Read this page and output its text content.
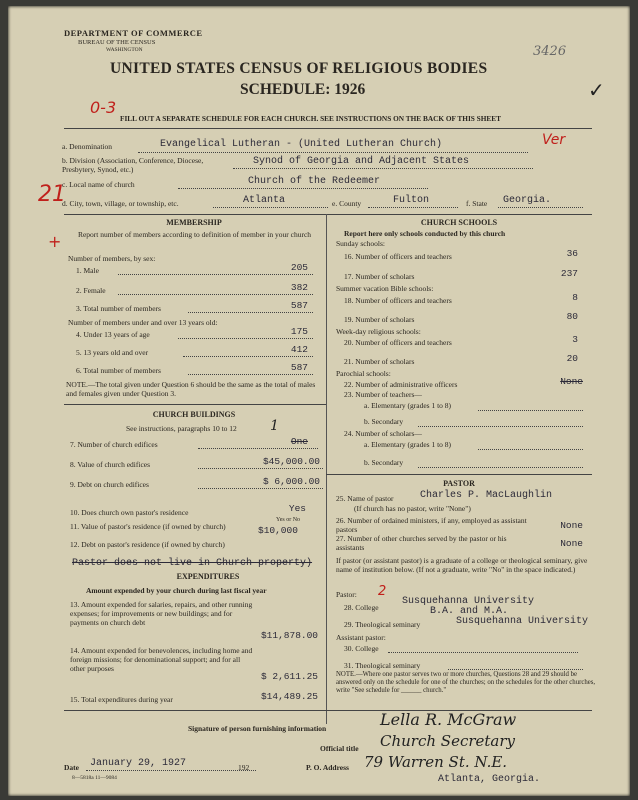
DEPARTMENT OF COMMERCE
BUREAU OF THE CENSUS
WASHINGTON	3426
UNITED STATES CENSUS OF RELIGIOUS BODIES
SCHEDULE: 1926
0-3
FILL OUT A SEPARATE SCHEDULE FOR EACH CHURCH. SEE INSTRUCTIONS ON THE BACK OF THIS SHEET
✓
a. Denomination	Evangelical Lutheran - (United Lutheran Church)	Ver
b. Division (Association, Conference, Diocese, Presbytery, Synod, etc.)
Synod of Georgia and Adjacent States
c. Local name of church	Church of the Redeemer
21
d. City, town, village, or township, etc.	Atlanta	e. County	Fulton	f. State Georgia.
MEMBERSHIP
Report number of members according to definition of member in your church
+
Number of members, by sex:
1. Male	205
2. Female	382
3. Total number of members	587
Number of members under and over 13 years old:
4. Under 13 years of age	175
5. 13 years old and over	412
6. Total number of members	587
NOTE.—The total given under Question 6 should be the same as the total of males and females given under Question 3.
CHURCH BUILDINGS
See instructions, paragraphs 10 to 12 1
7. Number of church edifices	One
8. Value of church edifices	$45,000.00
9. Debt on church edifices	$ 6,000.00
10. Does church own pastor's residence	Yes
Yes or No
11. Value of pastor's residence (if owned by church)	$10,000
12. Debt on pastor's residence (if owned by church)
Pastor does not live in Church property)
EXPENDITURES
Amount expended by your church during last fiscal year
13. Amount expended for salaries, repairs, and other running expenses; for improvements or new buildings; and for payments on church debt
$11,878.00
14. Amount expended for benevolences, including home and foreign missions; for denominational support; and for all other purposes
$ 2,611.25
15. Total expenditures during year	$14,489.25
CHURCH SCHOOLS
Report here only schools conducted by this church
Sunday schools:
16. Number of officers and teachers	36
17. Number of scholars	237
Summer vacation Bible schools:
18. Number of officers and teachers	8
19. Number of scholars	80
Week-day religious schools:
20. Number of officers and teachers	3
21. Number of scholars	20
Parochial schools:
22. Number of administrative officers	None
23. Number of teachers—
a. Elementary (grades 1 to 8)
b. Secondary
24. Number of scholars—
a. Elementary (grades 1 to 8)
b. Secondary
PASTOR
25. Name of pastor	Charles P. MacLaughlin
(If church has no pastor, write "None")
26. Number of ordained ministers, if any, employed as assistant pastors	None
27. Number of other churches served by the pastor or his assistants	None
If pastor (or assistant pastor) is a graduate of a college or theological seminary, give name of institution below. (If not a graduate, write "No" in the space indicated.)
2
Pastor:
28. College
Susquehanna University
B.A. and M.A.
29. Theological seminary	Susquehanna University
Assistant pastor:
30. College
31. Theological seminary
NOTE.—Where one pastor serves two or more churches, Questions 28 and 29 should be answered only on the schedule for one of the churches; on the schedules for the other churches, write "See schedule for ______ church."
Signature of person furnishing information	Lella R. McGraw
Official title Church Secretary
P. O. Address 79 Warren St. N.E.
Atlanta, Georgia.
Date January 29, 1927	192
8—5818a 11—9084
